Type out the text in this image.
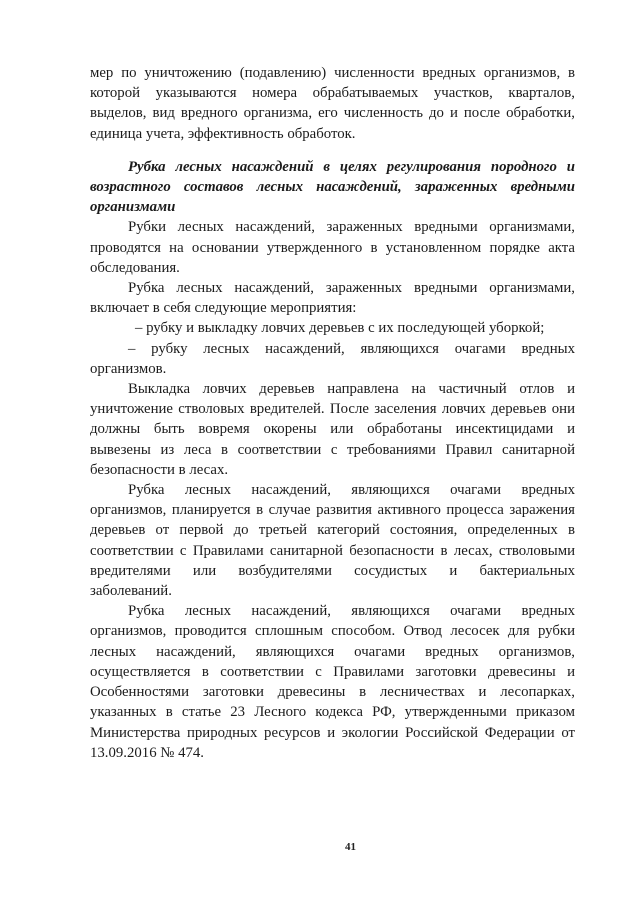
мер по уничтожению (подавлению) численности вредных организмов, в
которой указываются номера обрабатываемых участков, кварталов,
выделов, вид вредного организма, его численность до и после обработки,
единица учета, эффективность обработок.
Рубка лесных насаждений в целях регулирования породного и
возрастного составов лесных насаждений, зараженных вредными
организмами
Рубки лесных насаждений, зараженных вредными организмами,
проводятся на основании утвержденного в установленном порядке акта
обследования.
Рубка лесных насаждений, зараженных вредными организмами,
включает в себя следующие мероприятия:
– рубку и выкладку ловчих деревьев с их последующей уборкой;
– рубку лесных насаждений, являющихся очагами вредных
организмов.
Выкладка ловчих деревьев направлена на частичный отлов и
уничтожение стволовых вредителей. После заселения ловчих деревьев они
должны быть вовремя окорены или обработаны инсектицидами и
вывезены из леса в соответствии с требованиями Правил санитарной
безопасности в лесах.
Рубка лесных насаждений, являющихся очагами вредных
организмов, планируется в случае развития активного процесса заражения
деревьев от первой до третьей категорий состояния, определенных в
соответствии с Правилами санитарной безопасности в лесах, стволовыми
вредителями или возбудителями сосудистых и бактериальных
заболеваний.
Рубка лесных насаждений, являющихся очагами вредных
организмов, проводится сплошным способом. Отвод лесосек для рубки
лесных насаждений, являющихся очагами вредных организмов,
осуществляется в соответствии с Правилами заготовки древесины и
Особенностями заготовки древесины в лесничествах и лесопарках,
указанных в статье 23 Лесного кодекса РФ, утвержденными приказом
Министерства природных ресурсов и экологии Российской Федерации от
13.09.2016 № 474.
41
